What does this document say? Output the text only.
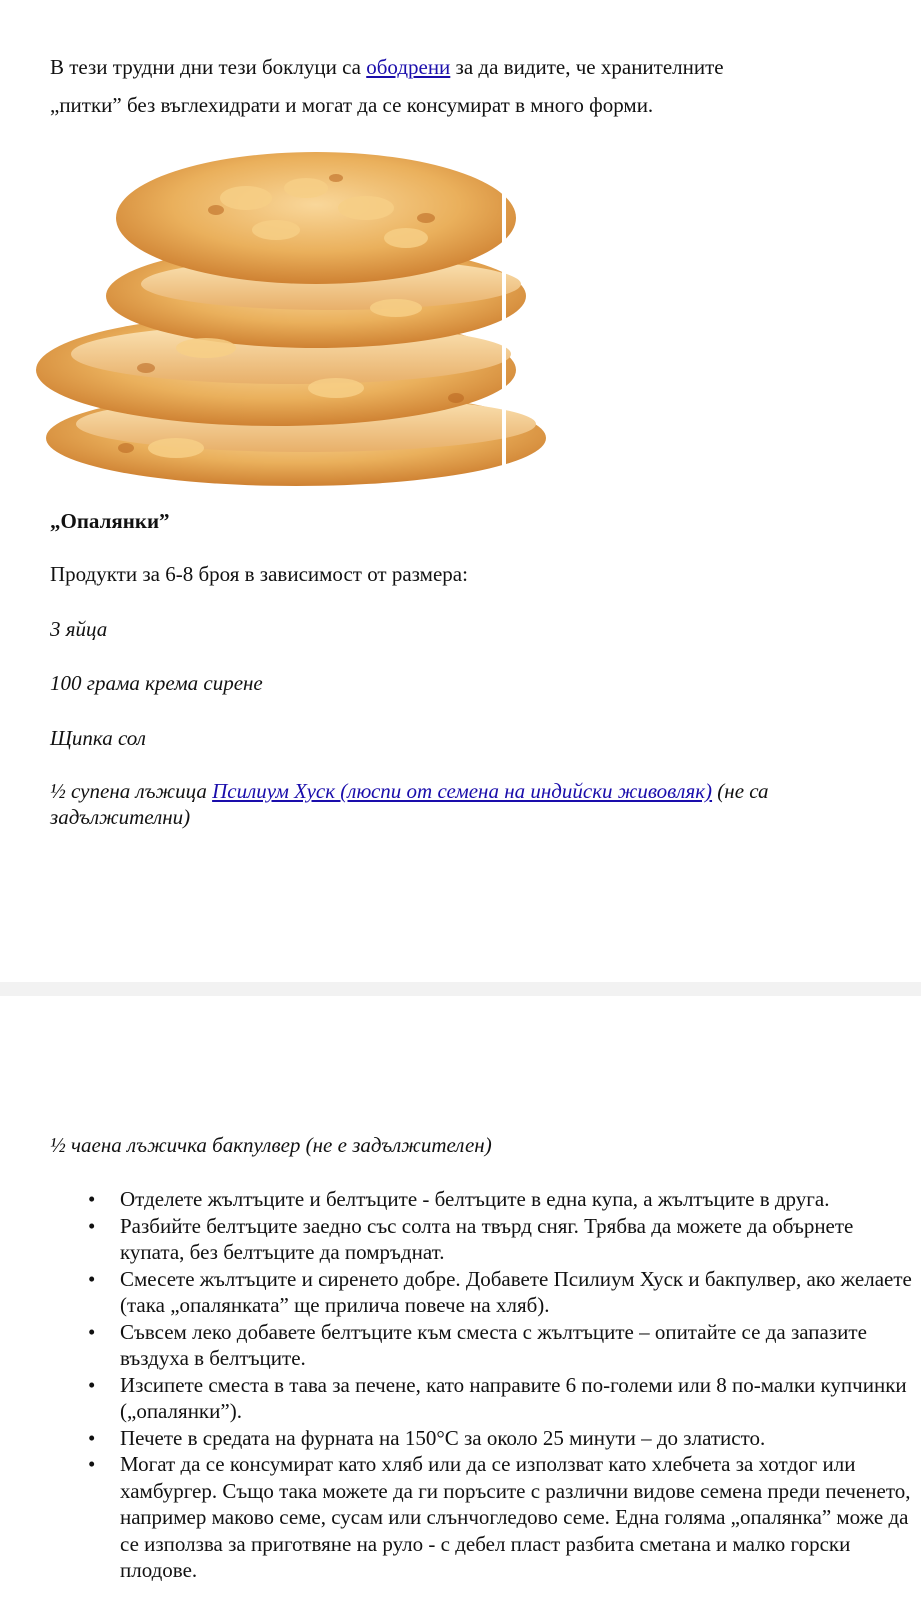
В тези трудни дни тези боклуци са ободрени за да видите, че хранителните

„питки” без въглехидрати и могат да се консумират в много форми.

„Опалянки”

Продукти за 6-8 броя в зависимост от размера:

3 яйца

100 грама крема сирене

Щипка сол

½ супена лъжица Псилиум Хуск (люспи от семена на индийски живовляк) (не са задължителни)

½ чаена лъжичка бакпулвер (не е задължителен)

• Отделете жълтъците и белтъците - белтъците в една купа, а жълтъците в друга.
• Разбийте белтъците заедно със солта на твърд сняг. Трябва да можете да обърнете купата, без белтъците да помръднат.
• Смесете жълтъците и сиренето добре. Добавете Псилиум Хуск и бакпулвер, ако желаете (така „опалянката” ще прилича повече на хляб).
• Съвсем леко добавете белтъците към сместа с жълтъците – опитайте се да запазите въздуха в белтъците.
• Изсипете сместа в тава за печене, като направите 6 по-големи или 8 по-малки купчинки („опалянки”).
• Печете в средата на фурната на 150°C за около 25 минути – до златисто.
• Могат да се консумират като хляб или да се използват като хлебчета за хотдог или хамбургер. Също така можете да ги поръсите с различни видове семена преди печенето, например маково семе, сусам или слънчогледово семе. Една голяма „опалянка” може да се използва за приготвяне на руло - с дебел пласт разбита сметана и малко горски плодове.
